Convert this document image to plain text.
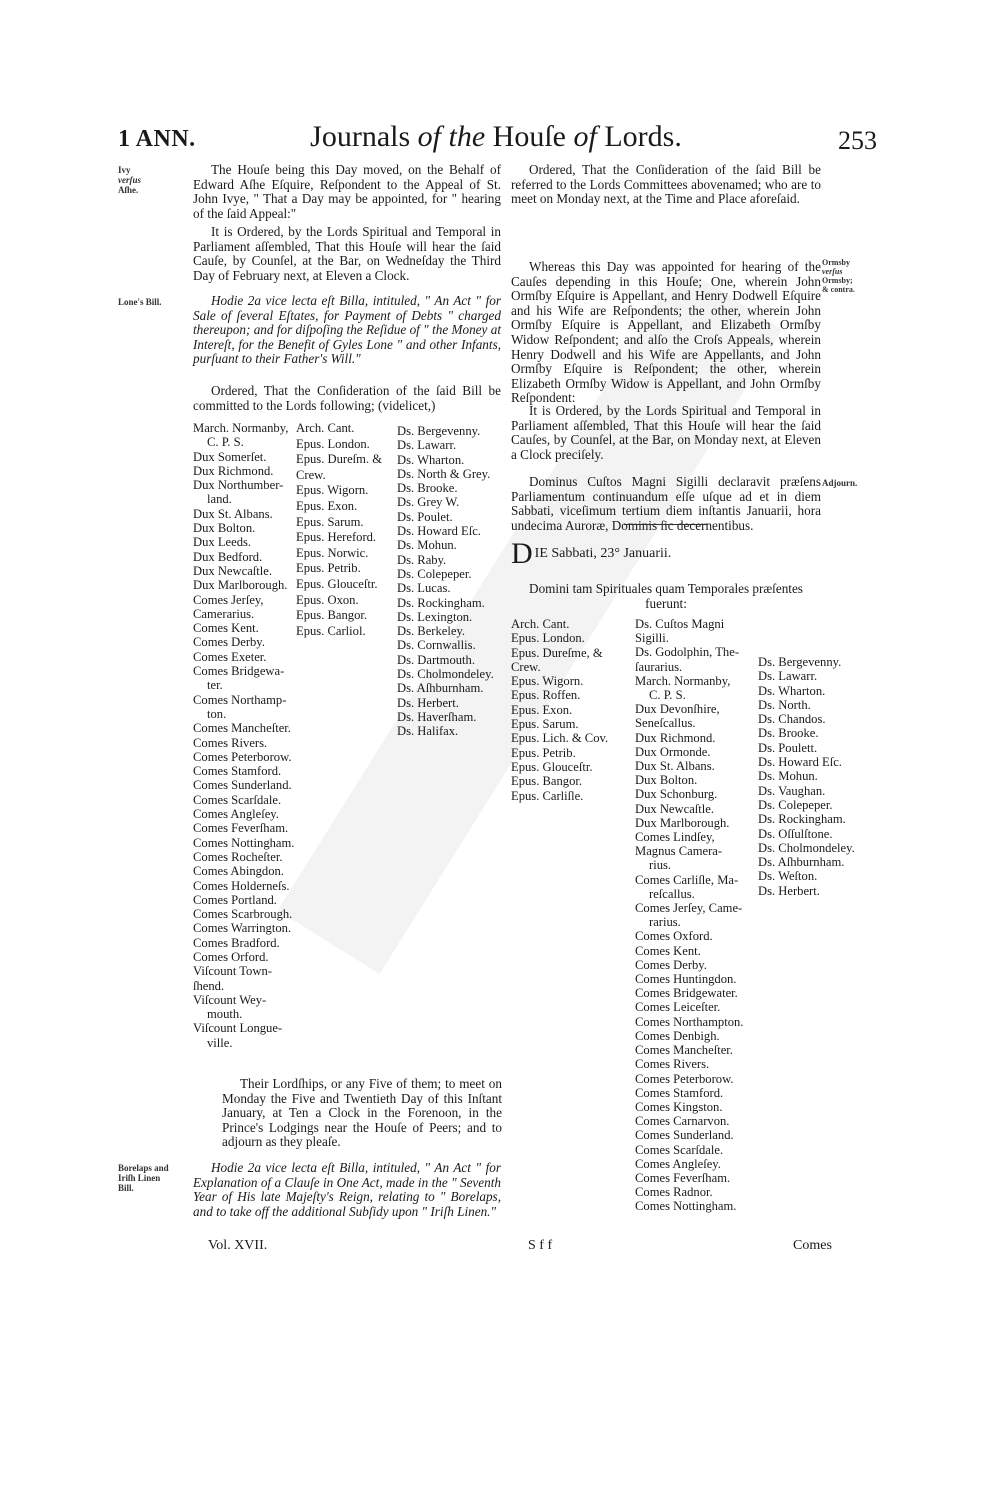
1 ANN.	Journals of the Houſe of Lords.	253
Ivy
verſus
Aſhe.
Lone's Bill.
Borelaps and
Iriſh Linen
Bill.
Ormsby
verſus
Ormsby;
& contra.
Adjourn.
The Houſe being this Day moved, on the Behalf of Edward Aſhe Eſquire, Reſpondent to the Appeal of St. John Ivye, " That a Day may be appointed, for " hearing of the ſaid Appeal:"
It is Ordered, by the Lords Spiritual and Temporal in Parliament aſſembled, That this Houſe will hear the ſaid Cauſe, by Counſel, at the Bar, on Wedneſday the Third Day of February next, at Eleven a Clock.
Hodie 2a vice lecta eſt Billa, intituled, " An Act " for Sale of ſeveral Eſtates, for Payment of Debts " charged thereupon; and for diſpoſing the Reſidue of " the Money at Intereſt, for the Benefit of Gyles Lone " and other Infants, purſuant to their Father's Will."
Ordered, That the Conſideration of the ſaid Bill be committed to the Lords following; (videlicet,)
March. Normanby,
C. P. S.
Dux Somerſet.
Dux Richmond.
Dux Northumber-
land.
Dux St. Albans.
Dux Bolton.
Dux Leeds.
Dux Bedford.
Dux Newcaſtle.
Dux Marlborough.
Comes Jerſey,
Camerarius.
Comes Kent.
Comes Derby.
Comes Exeter.
Comes Bridgewa-
ter.
Comes Northamp-
ton.
Comes Mancheſter.
Comes Rivers.
Comes Peterborow.
Comes Stamford.
Comes Sunderland.
Comes Scarſdale.
Comes Angleſey.
Comes Feverſham.
Comes Nottingham.
Comes Rocheſter.
Comes Abingdon.
Comes Holderneſs.
Comes Portland.
Comes Scarbrough.
Comes Warrington.
Comes Bradford.
Comes Orford.
Viſcount Town-
ſhend.
Viſcount Wey-
mouth.
Viſcount Longue-
ville.
Arch. Cant.
Epus. London.
Epus. Dureſm. &
Crew.
Epus. Wigorn.
Epus. Exon.
Epus. Sarum.
Epus. Hereford.
Epus. Norwic.
Epus. Petrib.
Epus. Glouceſtr.
Epus. Oxon.
Epus. Bangor.
Epus. Carliol.
Ds. Bergevenny.
Ds. Lawarr.
Ds. Wharton.
Ds. North & Grey.
Ds. Brooke.
Ds. Grey W.
Ds. Poulet.
Ds. Howard Eſc.
Ds. Mohun.
Ds. Raby.
Ds. Colepeper.
Ds. Lucas.
Ds. Rockingham.
Ds. Lexington.
Ds. Berkeley.
Ds. Cornwallis.
Ds. Dartmouth.
Ds. Cholmondeley.
Ds. Aſhburnham.
Ds. Herbert.
Ds. Haverſham.
Ds. Halifax.
Their Lordſhips, or any Five of them; to meet on Monday the Five and Twentieth Day of this Inſtant January, at Ten a Clock in the Forenoon, in the Prince's Lodgings near the Houſe of Peers; and to adjourn as they pleaſe.
Hodie 2a vice lecta eſt Billa, intituled, " An Act " for Explanation of a Clauſe in One Act, made in the " Seventh Year of His late Majeſty's Reign, relating to " Borelaps, and to take off the additional Subſidy upon " Iriſh Linen."
Ordered, That the Conſideration of the ſaid Bill be referred to the Lords Committees abovenamed; who are to meet on Monday next, at the Time and Place aforeſaid.
Whereas this Day was appointed for hearing of the Cauſes depending in this Houſe; One, wherein John Ormſby Eſquire is Appellant, and Henry Dodwell Eſquire and his Wife are Reſpondents; the other, wherein John Ormſby Eſquire is Appellant, and Elizabeth Ormſby Widow Reſpondent; and alſo the Croſs Appeals, wherein Henry Dodwell and his Wife are Appellants, and John Ormſby Eſquire is Reſpondent; the other, wherein Elizabeth Ormſby Widow is Appellant, and John Ormſby Reſpondent:
It is Ordered, by the Lords Spiritual and Temporal in Parliament aſſembled, That this Houſe will hear the ſaid Cauſes, by Counſel, at the Bar, on Monday next, at Eleven a Clock preciſely.
Dominus Cuſtos Magni Sigilli declaravit præſens Parliamentum continuandum eſſe uſque ad et in diem Sabbati, viceſimum tertium diem inſtantis Januarii, hora undecima Auroræ, Dominis ſic decernentibus.
D IE Sabbati, 23° Januarii.
Domini tam Spirituales quam Temporales præſentes fuerunt:
Arch. Cant.
Epus. London.
Epus. Dureſme, &
Crew.
Epus. Wigorn.
Epus. Roffen.
Epus. Exon.
Epus. Sarum.
Epus. Lich. & Cov.
Epus. Petrib.
Epus. Glouceſtr.
Epus. Bangor.
Epus. Carliſle.
Ds. Cuſtos Magni
Sigilli.
Ds. Godolphin, The-
ſaurarius.
March. Normanby,
C. P. S.
Dux Devonſhire,
Seneſcallus.
Dux Richmond.
Dux Ormonde.
Dux St. Albans.
Dux Bolton.
Dux Schonburg.
Dux Newcaſtle.
Dux Marlborough.
Comes Lindſey,
Magnus Camera-
rius.
Comes Carliſle, Ma-
reſcallus.
Comes Jerſey, Came-
rarius.
Comes Oxford.
Comes Kent.
Comes Derby.
Comes Huntingdon.
Comes Bridgewater.
Comes Leiceſter.
Comes Northampton.
Comes Denbigh.
Comes Mancheſter.
Comes Rivers.
Comes Peterborow.
Comes Stamford.
Comes Kingston.
Comes Carnarvon.
Comes Sunderland.
Comes Scarſdale.
Comes Angleſey.
Comes Feverſham.
Comes Radnor.
Comes Nottingham.
Ds. Bergevenny.
Ds. Lawarr.
Ds. Wharton.
Ds. North.
Ds. Chandos.
Ds. Brooke.
Ds. Poulett.
Ds. Howard Eſc.
Ds. Mohun.
Ds. Vaughan.
Ds. Colepeper.
Ds. Rockingham.
Ds. Oſſulſtone.
Ds. Cholmondeley.
Ds. Aſhburnham.
Ds. Weſton.
Ds. Herbert.
Vol. XVII.	S f f	Comes
